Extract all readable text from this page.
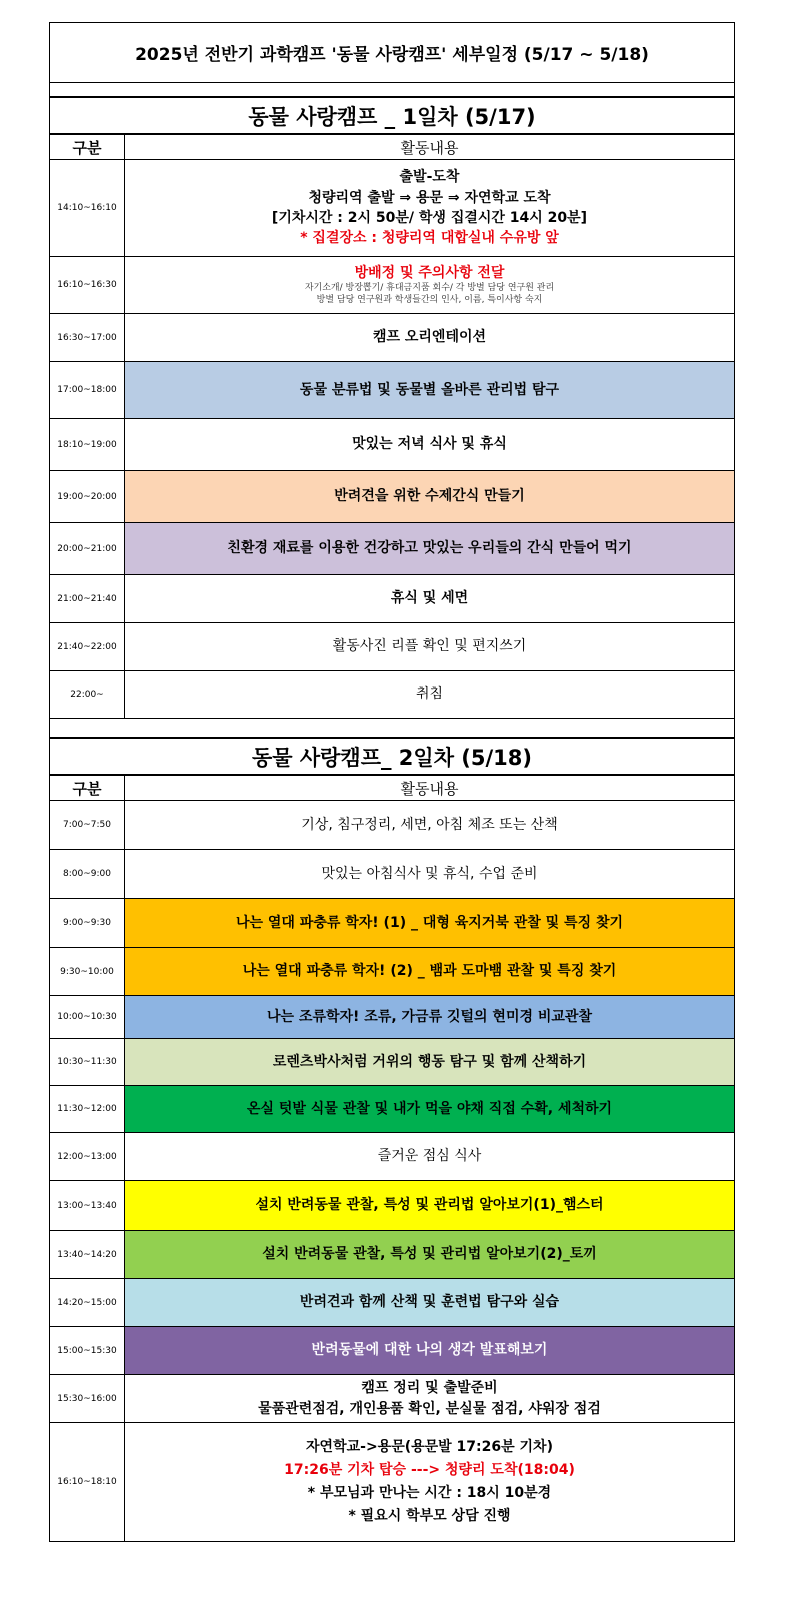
2025년 전반기 과학캠프 '동물 사랑캠프' 세부일정 (5/17 ~ 5/18)
동물 사랑캠프 _ 1일차 (5/17)
구분	활동내용
14:10~16:10	출발-도착
청량리역 출발 ⇒ 용문 ⇒ 자연학교 도착
[기차시간 : 2시 50분/ 학생 집결시간 14시 20분]
* 집결장소 : 청량리역 대합실내 수유방 앞

16:10~16:30	방배정 및 주의사항 전달
자기소개/ 방장뽑기/ 휴대금지품 회수/ 각 방별 담당 연구원 관리
방별 담당 연구원과 학생들간의 인사, 이름, 특이사항 숙지

16:30~17:00	캠프 오리엔테이션
17:00~18:00	동물 분류법 및 동물별 올바른 관리법 탐구
18:10~19:00	맛있는 저녁 식사 및 휴식
19:00~20:00	반려견을 위한 수제간식 만들기
20:00~21:00	친환경 재료를 이용한 건강하고 맛있는 우리들의 간식 만들어 먹기
21:00~21:40	휴식 및 세면
21:40~22:00	활동사진 리플 확인 및 편지쓰기
22:00~	취침
동물 사랑캠프_ 2일차 (5/18)
구분	활동내용
7:00~7:50	기상, 침구정리, 세면, 아침 체조 또는 산책
8:00~9:00	맛있는 아침식사 및 휴식, 수업 준비
9:00~9:30	나는 열대 파충류 학자! (1) _ 대형 육지거북 관찰 및 특징 찾기
9:30~10:00	나는 열대 파충류 학자! (2) _ 뱀과 도마뱀 관찰 및 특징 찾기
10:00~10:30	나는 조류학자! 조류, 가금류 깃털의 현미경 비교관찰
10:30~11:30	로렌츠박사처럼 거위의 행동 탐구 및 함께 산책하기
11:30~12:00	온실 텃밭 식물 관찰 및 내가 먹을 야채 직접 수확, 세척하기
12:00~13:00	즐거운 점심 식사
13:00~13:40	설치 반려동물 관찰, 특성 및 관리법 알아보기(1)_햄스터
13:40~14:20	설치 반려동물 관찰, 특성 및 관리법 알아보기(2)_토끼
14:20~15:00	반려견과 함께 산책 및 훈련법 탐구와 실습
15:00~15:30	반려동물에 대한 나의 생각 발표해보기
15:30~16:00	캠프 정리 및 출발준비
물품관련점검, 개인용품 확인, 분실물 점검, 샤워장 점검

16:10~18:10	자연학교->용문(용문발 17:26분 기차)
17:26분 기차 탑승 ---> 청량리 도착(18:04)
* 부모님과 만나는 시간 : 18시 10분경
* 필요시 학부모 상담 진행
